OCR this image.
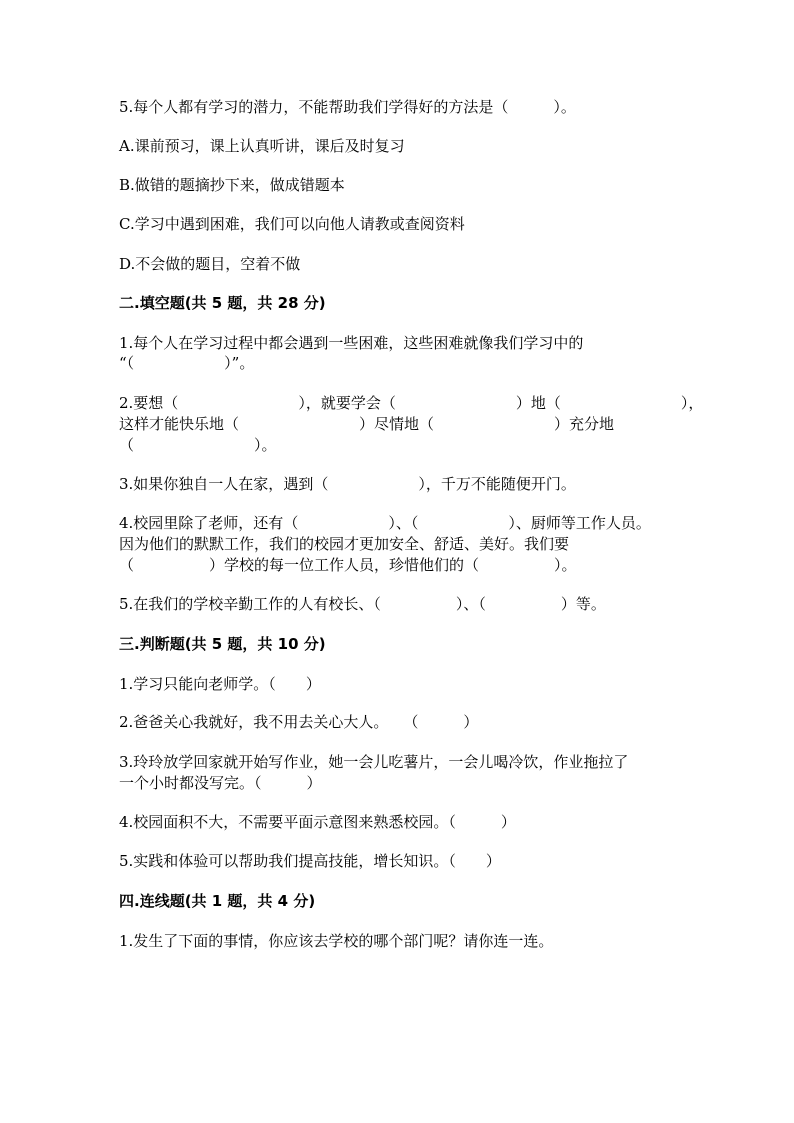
5.每个人都有学习的潜力，不能帮助我们学得好的方法是（　　　）。

A.课前预习，课上认真听讲，课后及时复习

B.做错的题摘抄下来，做成错题本

C.学习中遇到困难，我们可以向他人请教或查阅资料

D.不会做的题目，空着不做

二.填空题(共 5 题，共 28 分)

1.每个人在学习过程中都会遇到一些困难，这些困难就像我们学习中的

“（　　　　　　）”。

2.要想（　　　　　　　　），就要学会（　　　　　　　　）地（　　　　　　　　），

这样才能快乐地（　　　　　　　　）尽情地（　　　　　　　　）充分地

（　　　　　　　　）。

3.如果你独自一人在家，遇到（　　　　　　），千万不能随便开门。

4.校园里除了老师，还有（　　　　　　）、（　　　　　　）、厨师等工作人员。

因为他们的默默工作，我们的校园才更加安全、舒适、美好。我们要

（　　　　　）学校的每一位工作人员，珍惜他们的（　　　　　）。

5.在我们的学校辛勤工作的人有校长、（　　　　　）、（　　　　　）等。

三.判断题(共 5 题，共 10 分)

1.学习只能向老师学。（　　）

2.爸爸关心我就好，我不用去关心大人。　　（　　　）

3.玲玲放学回家就开始写作业，她一会儿吃薯片，一会儿喝冷饮，作业拖拉了

一个小时都没写完。（　　　）

4.校园面积不大，不需要平面示意图来熟悉校园。（　　　）

5.实践和体验可以帮助我们提高技能，增长知识。（　　）

四.连线题(共 1 题，共 4 分)

1.发生了下面的事情，你应该去学校的哪个部门呢？请你连一连。
